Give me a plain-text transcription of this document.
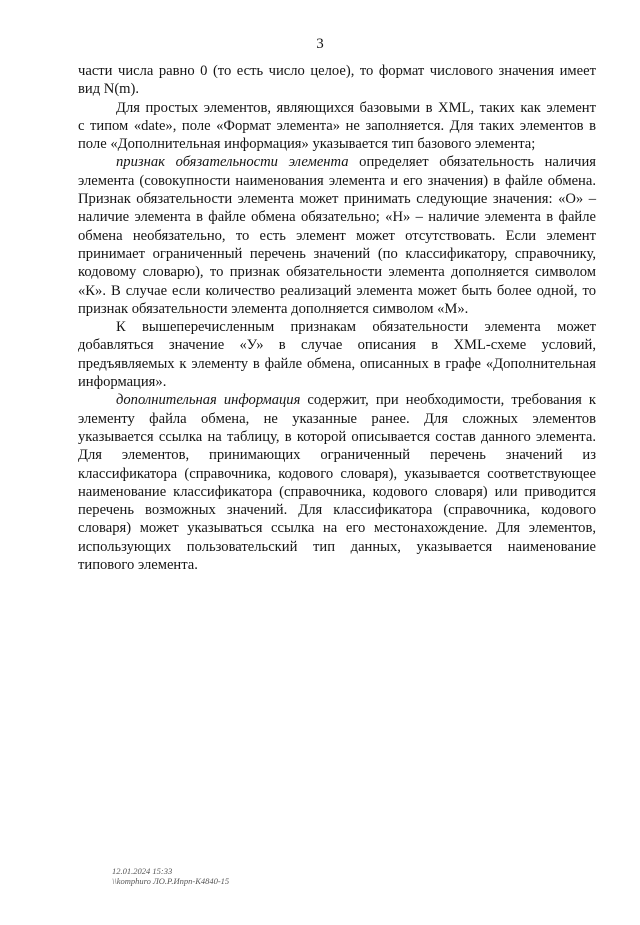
3
части числа равно 0 (то есть число целое), то формат числового значения имеет
вид N(m).
Для простых элементов, являющихся базовыми в XML, таких как элемент
с типом «date», поле «Формат элемента» не заполняется. Для таких элементов в
поле «Дополнительная информация» указывается тип базового элемента;
признак обязательности элемента определяет обязательность наличия
элемента (совокупности наименования элемента и его значения) в файле обмена.
Признак обязательности элемента может принимать следующие значения: «О» –
наличие элемента в файле обмена обязательно; «Н» – наличие элемента в файле
обмена необязательно, то есть элемент может отсутствовать. Если элемент
принимает ограниченный перечень значений (по классификатору, справочнику,
кодовому словарю), то признак обязательности элемента дополняется символом
«К». В случае если количество реализаций элемента может быть более одной, то
признак обязательности элемента дополняется символом «М».
К вышеперечисленным признакам обязательности элемента может
добавляться значение «У» в случае описания в XML-схеме условий,
предъявляемых к элементу в файле обмена, описанных в графе «Дополнительная
информация».
дополнительная информация содержит, при необходимости, требования к
элементу файла обмена, не указанные ранее. Для сложных элементов
указывается ссылка на таблицу, в которой описывается состав данного элемента.
Для элементов, принимающих ограниченный перечень значений из
классификатора (справочника, кодового словаря), указывается соответствующее
наименование классификатора (справочника, кодового словаря) или приводится
перечень возможных значений. Для классификатора (справочника, кодового
словаря) может указываться ссылка на его местонахождение. Для элементов,
использующих пользовательский тип данных, указывается наименование
типового элемента.
12.01.2024 15:33
\\komphuro ЛО.Р.Ипрп-К4840-15
